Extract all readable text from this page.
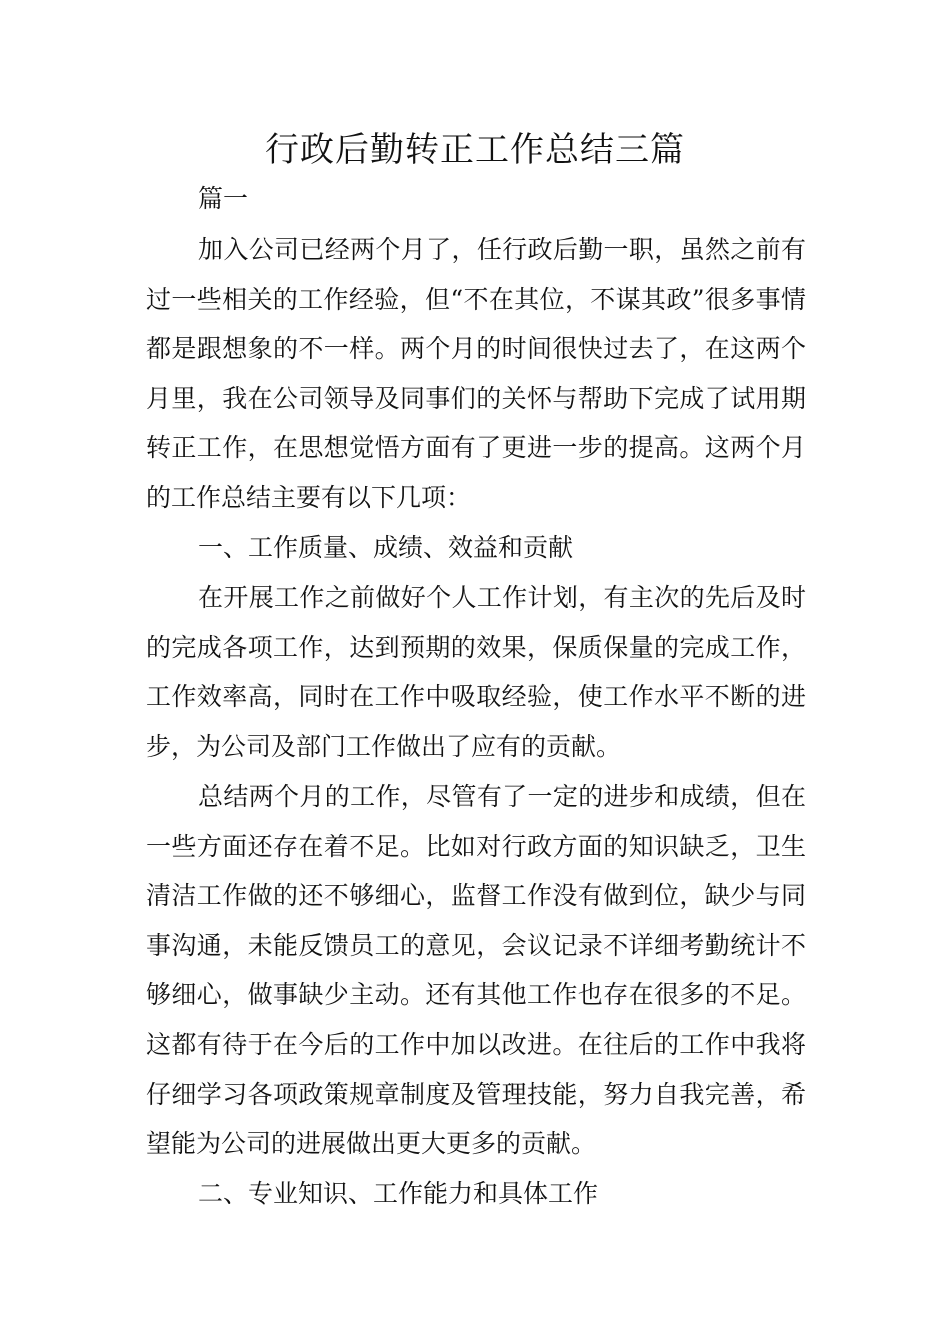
行政后勤转正工作总结三篇

篇一

加入公司已经两个月了，任行政后勤一职，虽然之前有过一些相关的工作经验，但“不在其位，不谋其政”很多事情都是跟想象的不一样。两个月的时间很快过去了，在这两个月里，我在公司领导及同事们的关怀与帮助下完成了试用期转正工作，在思想觉悟方面有了更进一步的提高。这两个月的工作总结主要有以下几项：

一、工作质量、成绩、效益和贡献

在开展工作之前做好个人工作计划，有主次的先后及时的完成各项工作，达到预期的效果，保质保量的完成工作，工作效率高，同时在工作中吸取经验，使工作水平不断的进步，为公司及部门工作做出了应有的贡献。

总结两个月的工作，尽管有了一定的进步和成绩，但在一些方面还存在着不足。比如对行政方面的知识缺乏，卫生清洁工作做的还不够细心，监督工作没有做到位，缺少与同事沟通，未能反馈员工的意见，会议记录不详细考勤统计不够细心，做事缺少主动。还有其他工作也存在很多的不足。这都有待于在今后的工作中加以改进。在往后的工作中我将仔细学习各项政策规章制度及管理技能，努力自我完善，希望能为公司的进展做出更大更多的贡献。

二、专业知识、工作能力和具体工作
